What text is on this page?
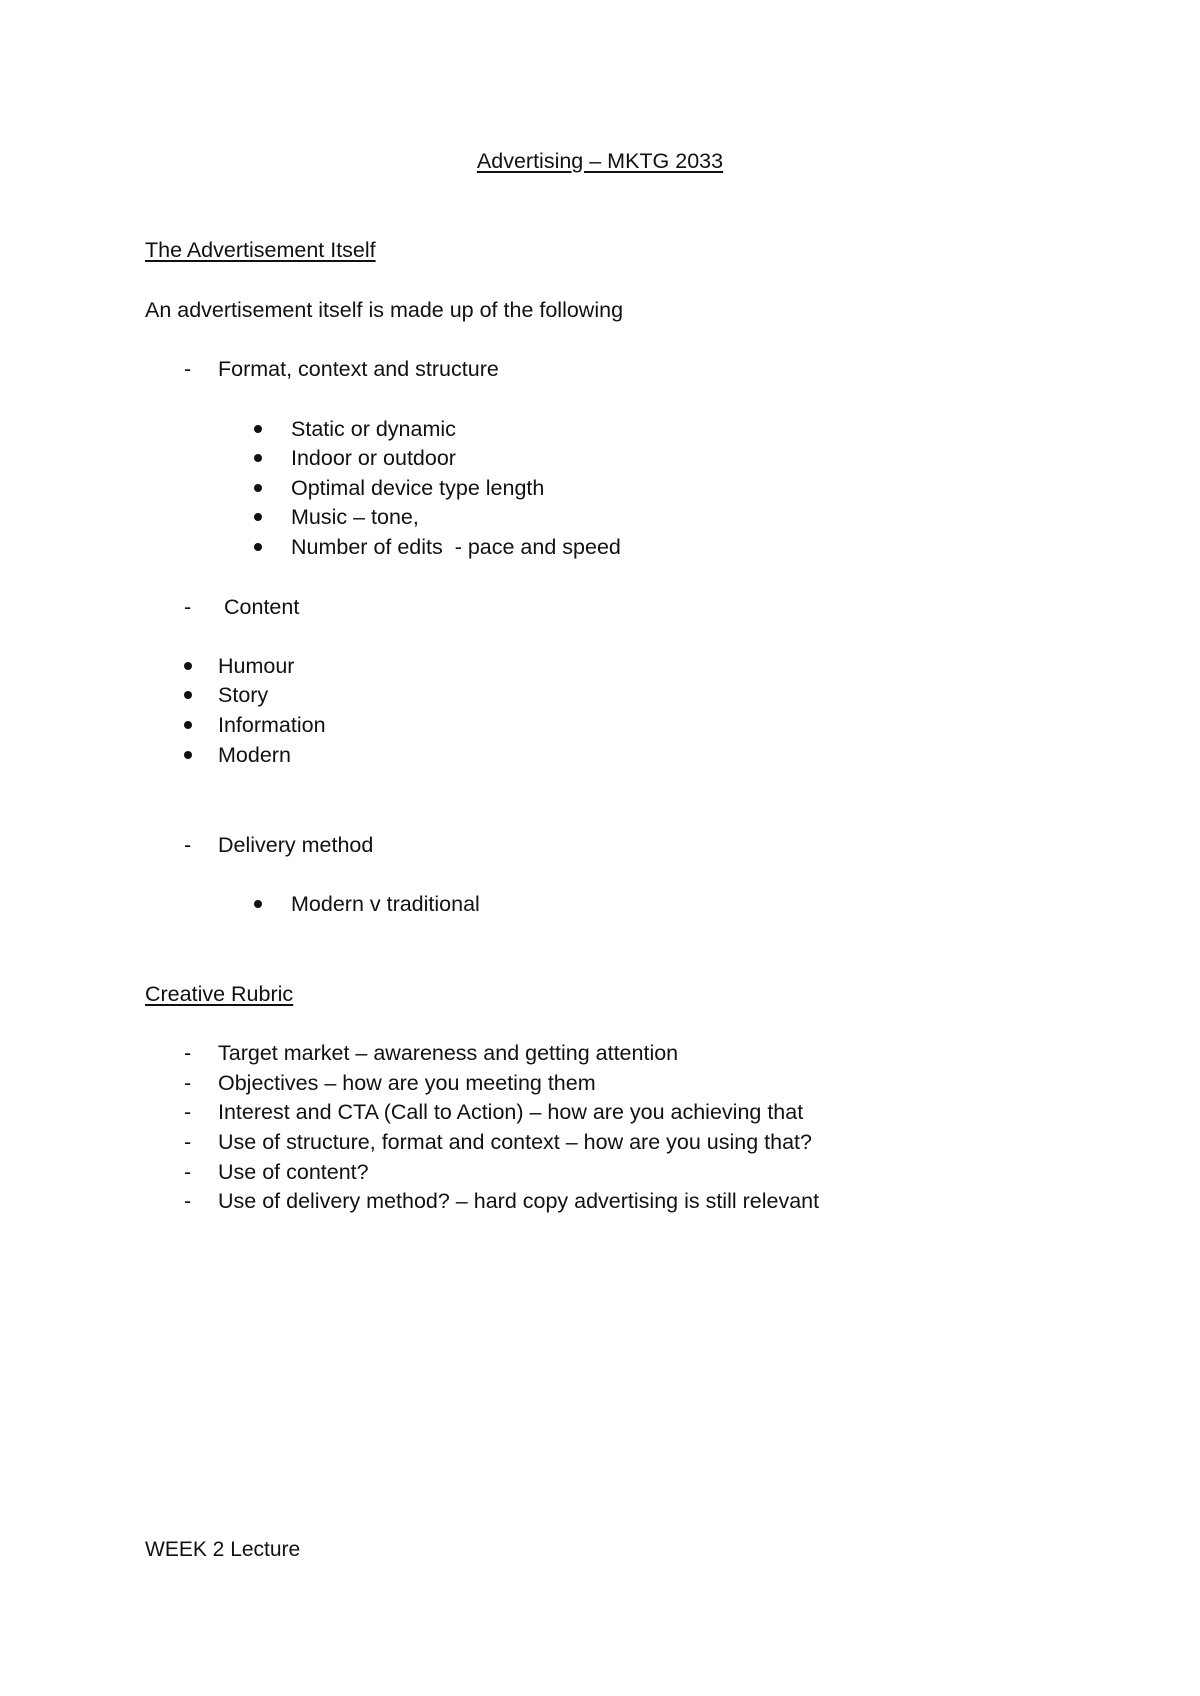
Advertising – MKTG 2033
The Advertisement Itself
An advertisement itself is made up of the following
- Format, context and structure
Static or dynamic
Indoor or outdoor
Optimal device type length
Music – tone,
Number of edits  - pace and speed
- Content
Humour
Story
Information
Modern
- Delivery method
Modern v traditional
Creative Rubric
- Target market – awareness and getting attention
- Objectives – how are you meeting them
- Interest and CTA (Call to Action) – how are you achieving that
- Use of structure, format and context – how are you using that?
- Use of content?
- Use of delivery method? – hard copy advertising is still relevant
WEEK 2 Lecture
